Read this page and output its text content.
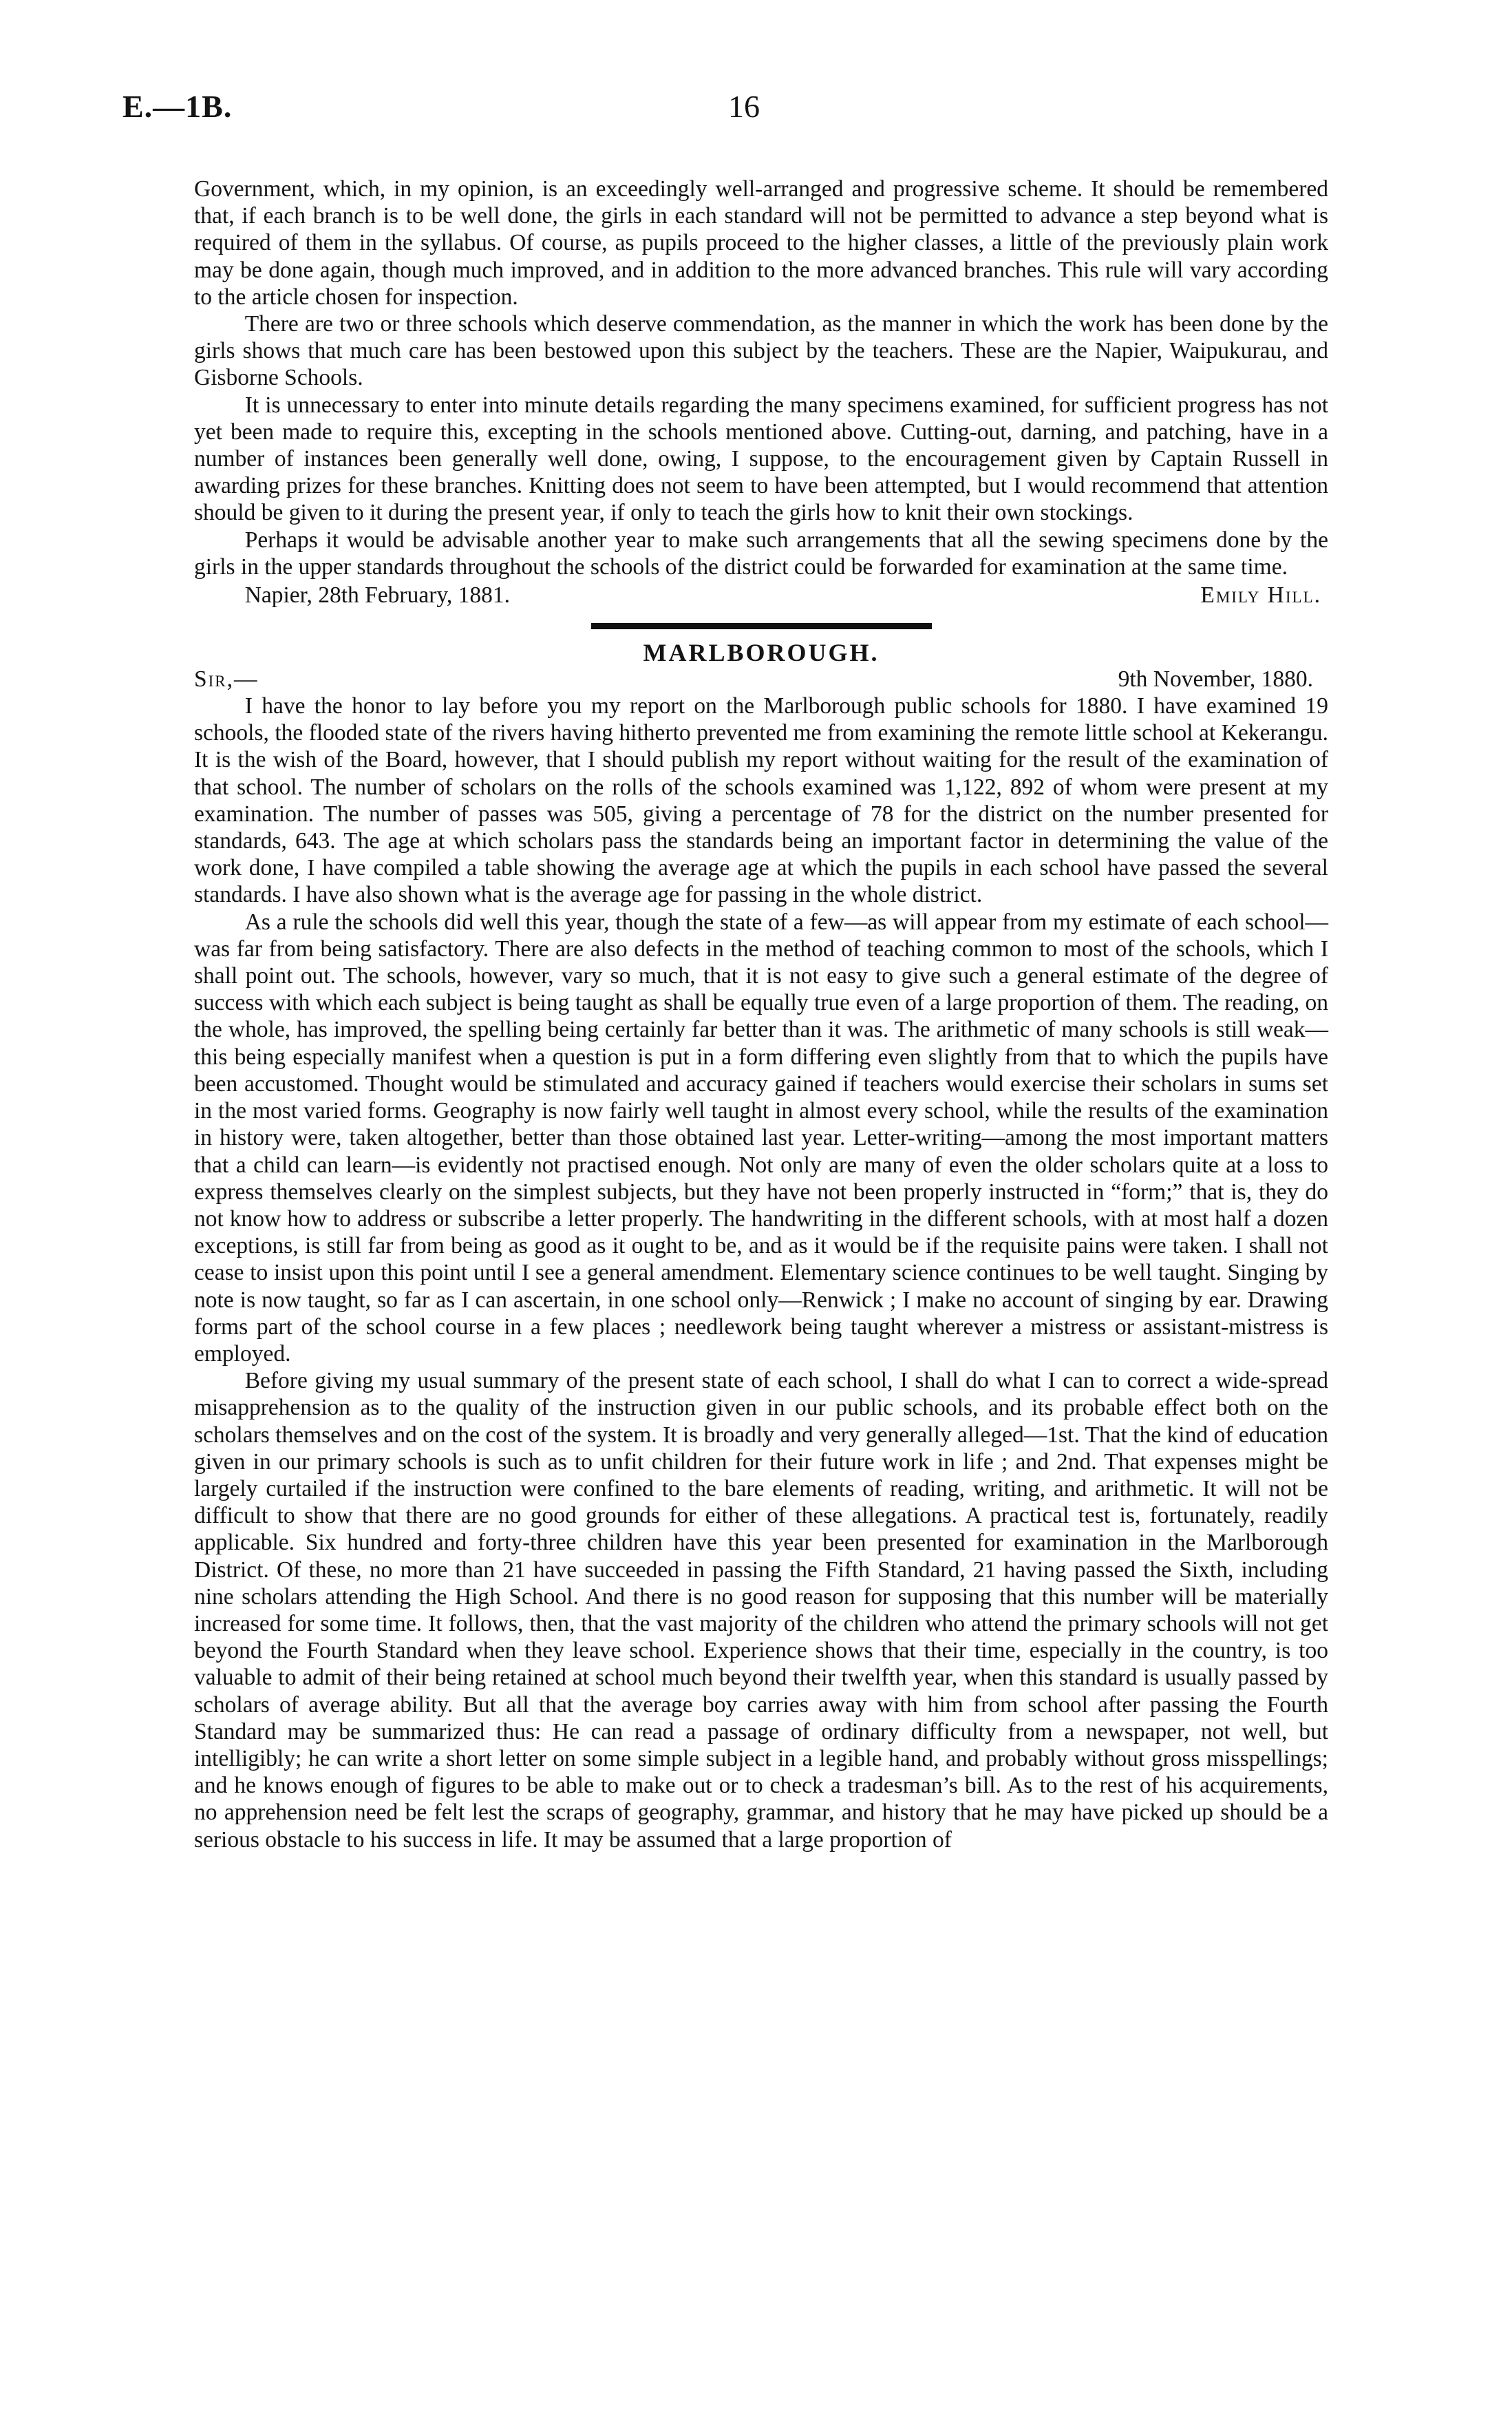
E.—1B.	16

Government, which, in my opinion, is an exceedingly well-arranged and progressive scheme. It should be remembered that, if each branch is to be well done, the girls in each standard will not be permitted to advance a step beyond what is required of them in the syllabus. Of course, as pupils proceed to the higher classes, a little of the previously plain work may be done again, though much improved, and in addition to the more advanced branches. This rule will vary according to the article chosen for inspection.

There are two or three schools which deserve commendation, as the manner in which the work has been done by the girls shows that much care has been bestowed upon this subject by the teachers. These are the Napier, Waipukurau, and Gisborne Schools.

It is unnecessary to enter into minute details regarding the many specimens examined, for sufficient progress has not yet been made to require this, excepting in the schools mentioned above. Cutting-out, darning, and patching, have in a number of instances been generally well done, owing, I suppose, to the encouragement given by Captain Russell in awarding prizes for these branches. Knitting does not seem to have been attempted, but I would recommend that attention should be given to it during the present year, if only to teach the girls how to knit their own stockings.

Perhaps it would be advisable another year to make such arrangements that all the sewing specimens done by the girls in the upper standards throughout the schools of the district could be forwarded for examination at the same time.

Napier, 28th February, 1881.	Emily Hill.
MARLBOROUGH.
Sir,—	9th November, 1880.

I have the honor to lay before you my report on the Marlborough public schools for 1880. I have examined 19 schools, the flooded state of the rivers having hitherto prevented me from examining the remote little school at Kekerangu. It is the wish of the Board, however, that I should publish my report without waiting for the result of the examination of that school. The number of scholars on the rolls of the schools examined was 1,122, 892 of whom were present at my examination. The number of passes was 505, giving a percentage of 78 for the district on the number presented for standards, 643. The age at which scholars pass the standards being an important factor in determining the value of the work done, I have compiled a table showing the average age at which the pupils in each school have passed the several standards. I have also shown what is the average age for passing in the whole district.

As a rule the schools did well this year, though the state of a few—as will appear from my estimate of each school—was far from being satisfactory. There are also defects in the method of teaching common to most of the schools, which I shall point out. The schools, however, vary so much, that it is not easy to give such a general estimate of the degree of success with which each subject is being taught as shall be equally true even of a large proportion of them. The reading, on the whole, has improved, the spelling being certainly far better than it was. The arithmetic of many schools is still weak—this being especially manifest when a question is put in a form differing even slightly from that to which the pupils have been accustomed. Thought would be stimulated and accuracy gained if teachers would exercise their scholars in sums set in the most varied forms. Geography is now fairly well taught in almost every school, while the results of the examination in history were, taken altogether, better than those obtained last year. Letter-writing—among the most important matters that a child can learn—is evidently not practised enough. Not only are many of even the older scholars quite at a loss to express themselves clearly on the simplest subjects, but they have not been properly instructed in “form;” that is, they do not know how to address or subscribe a letter properly. The handwriting in the different schools, with at most half a dozen exceptions, is still far from being as good as it ought to be, and as it would be if the requisite pains were taken. I shall not cease to insist upon this point until I see a general amendment. Elementary science continues to be well taught. Singing by note is now taught, so far as I can ascertain, in one school only—Renwick ; I make no account of singing by ear. Drawing forms part of the school course in a few places ; needlework being taught wherever a mistress or assistant-mistress is employed.

Before giving my usual summary of the present state of each school, I shall do what I can to correct a wide-spread misapprehension as to the quality of the instruction given in our public schools, and its probable effect both on the scholars themselves and on the cost of the system. It is broadly and very generally alleged—1st. That the kind of education given in our primary schools is such as to unfit children for their future work in life ; and 2nd. That expenses might be largely curtailed if the instruction were confined to the bare elements of reading, writing, and arithmetic. It will not be difficult to show that there are no good grounds for either of these allegations. A practical test is, fortunately, readily applicable. Six hundred and forty-three children have this year been presented for examination in the Marlborough District. Of these, no more than 21 have succeeded in passing the Fifth Standard, 21 having passed the Sixth, including nine scholars attending the High School. And there is no good reason for supposing that this number will be materially increased for some time. It follows, then, that the vast majority of the children who attend the primary schools will not get beyond the Fourth Standard when they leave school. Experience shows that their time, especially in the country, is too valuable to admit of their being retained at school much beyond their twelfth year, when this standard is usually passed by scholars of average ability. But all that the average boy carries away with him from school after passing the Fourth Standard may be summarized thus: He can read a passage of ordinary difficulty from a newspaper, not well, but intelligibly; he can write a short letter on some simple subject in a legible hand, and probably without gross misspellings; and he knows enough of figures to be able to make out or to check a tradesman’s bill. As to the rest of his acquirements, no apprehension need be felt lest the scraps of geography, grammar, and history that he may have picked up should be a serious obstacle to his success in life. It may be assumed that a large proportion of
